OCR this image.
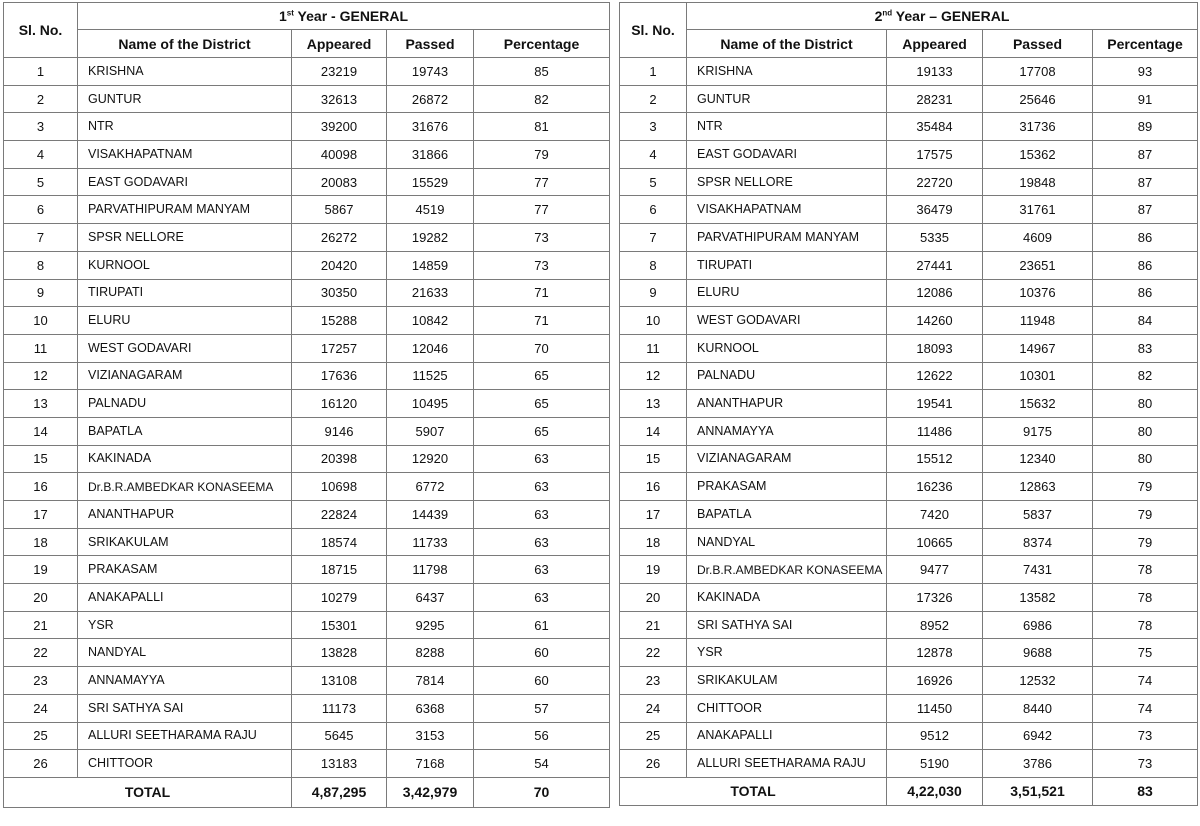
Sl. No.	1st Year - GENERAL			
	Name of the District	Appeared	Passed	Percentage
1	KRISHNA	23219	19743	85
2	GUNTUR	32613	26872	82
3	NTR	39200	31676	81
4	VISAKHAPATNAM	40098	31866	79
5	EAST GODAVARI	20083	15529	77
6	PARVATHIPURAM MANYAM	5867	4519	77
7	SPSR NELLORE	26272	19282	73
8	KURNOOL	20420	14859	73
9	TIRUPATI	30350	21633	71
10	ELURU	15288	10842	71
11	WEST GODAVARI	17257	12046	70
12	VIZIANAGARAM	17636	11525	65
13	PALNADU	16120	10495	65
14	BAPATLA	9146	5907	65
15	KAKINADA	20398	12920	63
16	Dr.B.R.AMBEDKAR KONASEEMA	10698	6772	63
17	ANANTHAPUR	22824	14439	63
18	SRIKAKULAM	18574	11733	63
19	PRAKASAM	18715	11798	63
20	ANAKAPALLI	10279	6437	63
21	YSR	15301	9295	61
22	NANDYAL	13828	8288	60
23	ANNAMAYYA	13108	7814	60
24	SRI SATHYA SAI	11173	6368	57
25	ALLURI SEETHARAMA RAJU	5645	3153	56
26	CHITTOOR	13183	7168	54
TOTAL		4,87,295	3,42,979	70
Sl. No.	2nd Year – GENERAL			
	Name of the District	Appeared	Passed	Percentage
1	KRISHNA	19133	17708	93
2	GUNTUR	28231	25646	91
3	NTR	35484	31736	89
4	EAST GODAVARI	17575	15362	87
5	SPSR NELLORE	22720	19848	87
6	VISAKHAPATNAM	36479	31761	87
7	PARVATHIPURAM MANYAM	5335	4609	86
8	TIRUPATI	27441	23651	86
9	ELURU	12086	10376	86
10	WEST GODAVARI	14260	11948	84
11	KURNOOL	18093	14967	83
12	PALNADU	12622	10301	82
13	ANANTHAPUR	19541	15632	80
14	ANNAMAYYA	11486	9175	80
15	VIZIANAGARAM	15512	12340	80
16	PRAKASAM	16236	12863	79
17	BAPATLA	7420	5837	79
18	NANDYAL	10665	8374	79
19	Dr.B.R.AMBEDKAR KONASEEMA	9477	7431	78
20	KAKINADA	17326	13582	78
21	SRI SATHYA SAI	8952	6986	78
22	YSR	12878	9688	75
23	SRIKAKULAM	16926	12532	74
24	CHITTOOR	11450	8440	74
25	ANAKAPALLI	9512	6942	73
26	ALLURI SEETHARAMA RAJU	5190	3786	73
TOTAL		4,22,030	3,51,521	83
